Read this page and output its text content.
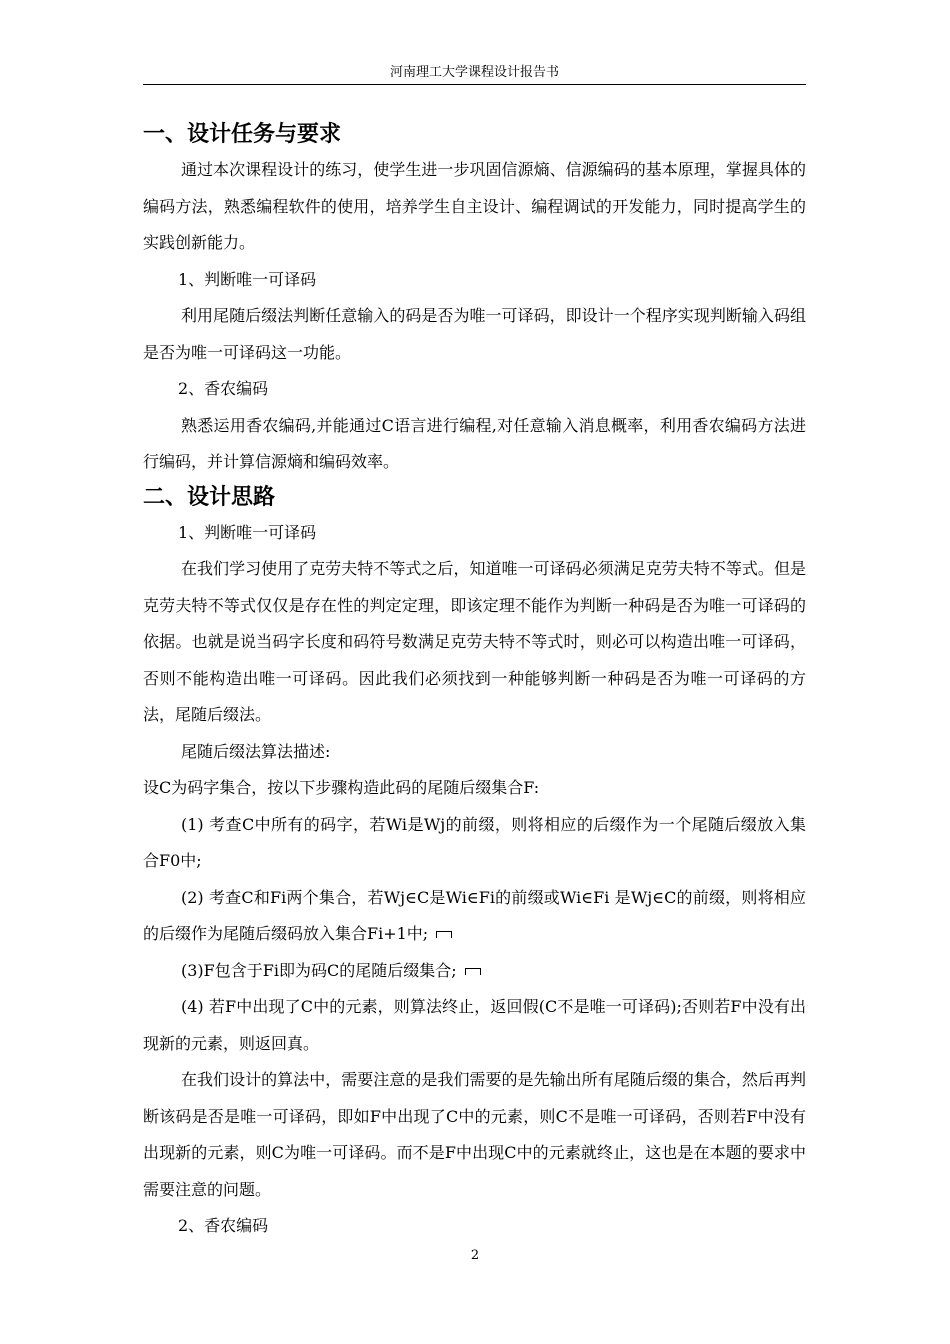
河南理工大学课程设计报告书
一、设计任务与要求

通过本次课程设计的练习，使学生进一步巩固信源熵、信源编码的基本原理，掌握具体的编码方法，熟悉编程软件的使用，培养学生自主设计、编程调试的开发能力，同时提高学生的实践创新能力。

1、判断唯一可译码

利用尾随后缀法判断任意输入的码是否为唯一可译码，即设计一个程序实现判断输入码组是否为唯一可译码这一功能。

2、香农编码

熟悉运用香农编码,并能通过C语言进行编程,对任意输入消息概率，利用香农编码方法进行编码，并计算信源熵和编码效率。

二、设计思路

1、判断唯一可译码

在我们学习使用了克劳夫特不等式之后，知道唯一可译码必须满足克劳夫特不等式。但是克劳夫特不等式仅仅是存在性的判定定理，即该定理不能作为判断一种码是否为唯一可译码的依据。也就是说当码字长度和码符号数满足克劳夫特不等式时，则必可以构造出唯一可译码，否则不能构造出唯一可译码。因此我们必须找到一种能够判断一种码是否为唯一可译码的方法，尾随后缀法。

尾随后缀法算法描述:

设C为码字集合，按以下步骤构造此码的尾随后缀集合F:

(1) 考查C中所有的码字，若Wi是Wj的前缀，则将相应的后缀作为一个尾随后缀放入集合F0中;

(2) 考查C和Fi两个集合，若Wj∈C是Wi∈Fi的前缀或Wi∈Fi 是Wj∈C的前缀，则将相应的后缀作为尾随后缀码放入集合Fi+1中;

(3)F包含于Fi即为码C的尾随后缀集合;

(4) 若F中出现了C中的元素，则算法终止，返回假(C不是唯一可译码);否则若F中没有出现新的元素，则返回真。

在我们设计的算法中，需要注意的是我们需要的是先输出所有尾随后缀的集合，然后再判断该码是否是唯一可译码，即如F中出现了C中的元素，则C不是唯一可译码，否则若F中没有出现新的元素，则C为唯一可译码。而不是F中出现C中的元素就终止，这也是在本题的要求中需要注意的问题。

2、香农编码

2
